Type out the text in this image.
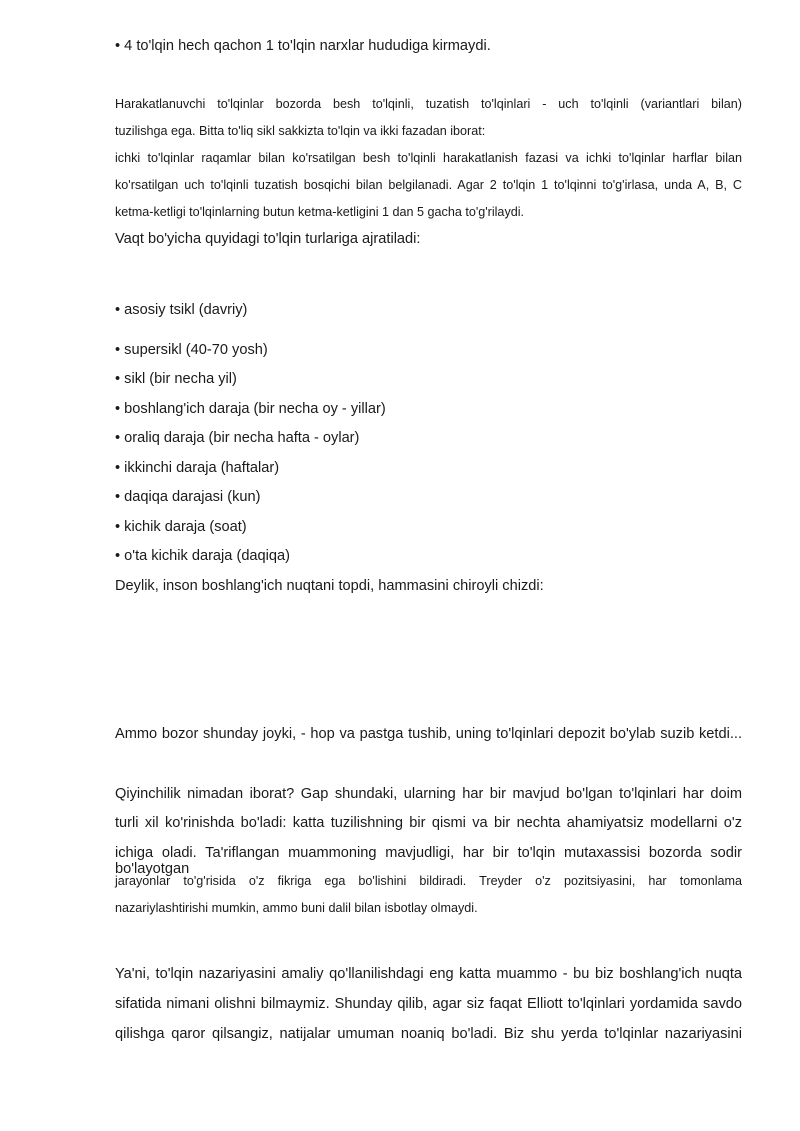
• 4 to'lqin hech qachon 1 to'lqin narxlar hududiga kirmaydi.
Harakatlanuvchi to'lqinlar bozorda besh to'lqinli, tuzatish to'lqinlari - uch to'lqinli (variantlari bilan)
tuzilishga ega. Bitta to'liq sikl sakkizta to'lqin va ikki fazadan iborat:
ichki to'lqinlar raqamlar bilan ko'rsatilgan besh to'lqinli harakatlanish fazasi va ichki to'lqinlar harflar bilan
ko'rsatilgan uch to'lqinli tuzatish bosqichi bilan belgilanadi. Agar 2 to'lqin 1 to'lqinni to'g'irlasa, unda A, B, C
ketma-ketligi to'lqinlarning butun ketma-ketligini 1 dan 5 gacha to'g'rilaydi.
Vaqt bo'yicha quyidagi to'lqin turlariga ajratiladi:
• asosiy tsikl (davriy)
• supersikl (40-70 yosh)
• sikl (bir necha yil)
• boshlang'ich daraja (bir necha oy - yillar)
• oraliq daraja (bir necha hafta - oylar)
• ikkinchi daraja (haftalar)
• daqiqa darajasi (kun)
• kichik daraja (soat)
• o'ta kichik daraja (daqiqa)
Deylik, inson boshlang'ich nuqtani topdi, hammasini chiroyli chizdi:
Ammo bozor shunday joyki, - hop va pastga tushib, uning to'lqinlari depozit bo'ylab suzib ketdi...
Qiyinchilik nimadan iborat? Gap shundaki, ularning har bir mavjud bo'lgan to'lqinlari har doim
turli xil ko'rinishda bo'ladi: katta tuzilishning bir qismi va bir nechta ahamiyatsiz modellarni o'z
ichiga oladi. Ta'riflangan muammoning mavjudligi, har bir to'lqin mutaxassisi bozorda sodir bo'layotgan
jarayonlar to'g'risida o'z fikriga ega bo'lishini bildiradi. Treyder o'z pozitsiyasini, har tomonlama
nazariylashtirishi mumkin, ammo buni dalil bilan isbotlay olmaydi.
Ya'ni, to'lqin nazariyasini amaliy qo'llanilishdagi eng katta muammo - bu biz boshlang'ich nuqta
sifatida nimani olishni bilmaymiz. Shunday qilib, agar siz faqat Elliott to'lqinlari yordamida savdo
qilishga qaror qilsangiz, natijalar umuman noaniq bo'ladi. Biz shu yerda to'lqinlar nazariyasini
